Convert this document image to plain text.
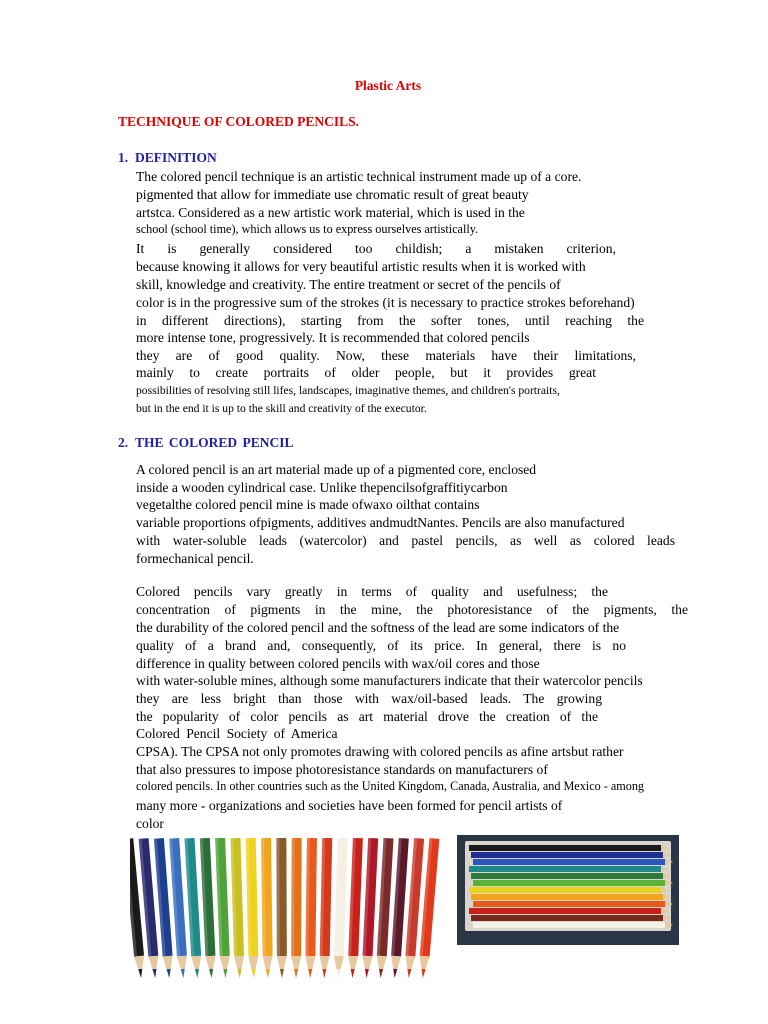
Plastic Arts
TECHNIQUE OF COLORED PENCILS.
1. DEFINITION
The colored pencil technique is an artistic technical instrument made up of a core.
pigmented that allow for immediate use chromatic result of great beauty
artstca. Considered as a new artistic work material, which is used in the
school (school time), which allows us to express ourselves artistically.
It is generally considered too childish; a mistaken criterion,
because knowing it allows for very beautiful artistic results when it is worked with
skill, knowledge and creativity. The entire treatment or secret of the pencils of
color is in the progressive sum of the strokes (it is necessary to practice strokes beforehand)
in different directions), starting from the softer tones, until reaching the
more intense tone, progressively. It is recommended that colored pencils
they are of good quality. Now, these materials have their limitations,
mainly to create portraits of older people, but it provides great
possibilities of resolving still lifes, landscapes, imaginative themes, and children's portraits,
but in the end it is up to the skill and creativity of the executor.
2. THE COLORED PENCIL
A colored pencil is an art material made up of a pigmented core, enclosed
inside a wooden cylindrical case. Unlike thepencilsofgraffitiycarbon
vegetalthe colored pencil mine is made ofwaxo oilthat contains
variable proportions ofpigments, additives andmudtNantes. Pencils are also manufactured
with water-soluble leads (watercolor) and pastel pencils, as well as colored leads
formechanical pencil.
Colored pencils vary greatly in terms of quality and usefulness; the
concentration of pigments in the mine, the photoresistance of the pigments, the
the durability of the colored pencil and the softness of the lead are some indicators of the
quality of a brand and, consequently, of its price. In general, there is no
difference in quality between colored pencils with wax/oil cores and those
with water-soluble mines, although some manufacturers indicate that their watercolor pencils
they are less bright than those with wax/oil-based leads. The growing
the popularity of color pencils as art material drove the creation of the
Colored Pencil Society of America
CPSA). The CPSA not only promotes drawing with colored pencils as afine artsbut rather
that also pressures to impose photoresistance standards on manufacturers of
colored pencils. In other countries such as the United Kingdom, Canada, Australia, and Mexico - among
many more - organizations and societies have been formed for pencil artists of
color
